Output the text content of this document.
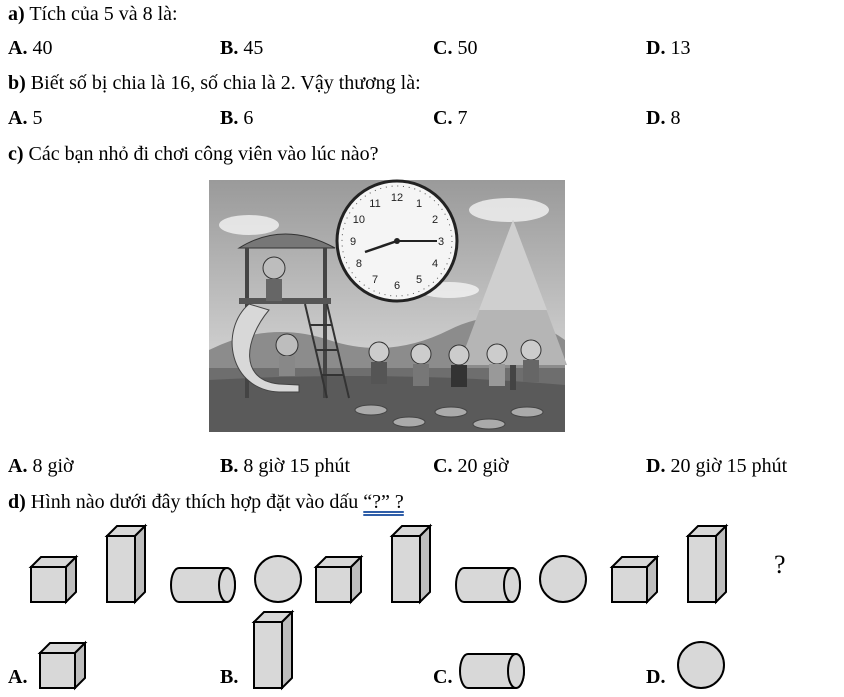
a) Tích của 5 và 8 là:
A. 40	B. 45	C. 50	D. 13
b) Biết số bị chia là 16, số chia là 2. Vậy thương là:
A. 5	B. 6	C. 7	D. 8
c) Các bạn nhỏ đi chơi công viên vào lúc nào?
12 1
2
3
4
5
6
7
8
9
10
11
A. 8 giờ	B. 8 giờ 15 phút	C. 20 giờ	D. 20 giờ 15 phút
d) Hình nào dưới đây thích hợp đặt vào dấu “?” ?
?
A.	B.	C.	D.
